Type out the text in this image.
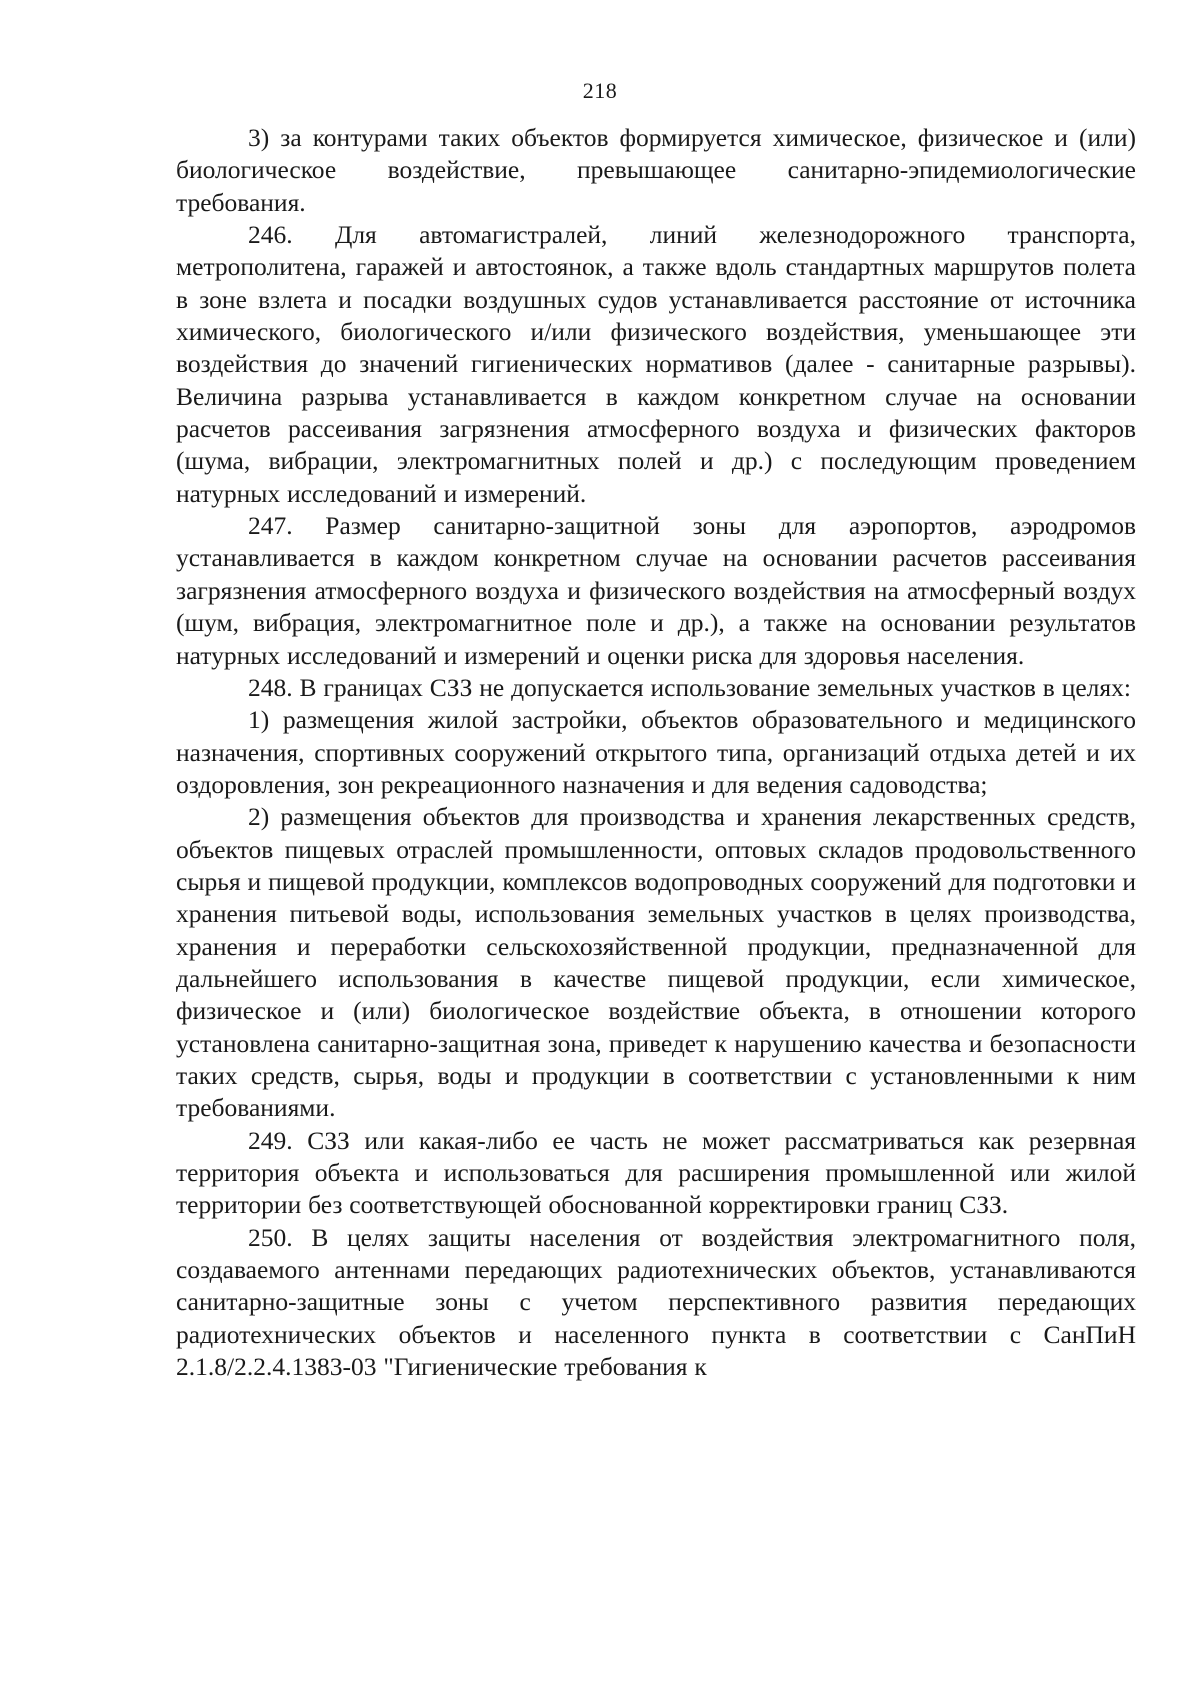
218

3) за контурами таких объектов формируется химическое, физическое и (или) биологическое воздействие, превышающее санитарно-эпидемиологические требования.

246. Для автомагистралей, линий железнодорожного транспорта, метрополитена, гаражей и автостоянок, а также вдоль стандартных маршрутов полета в зоне взлета и посадки воздушных судов устанавливается расстояние от источника химического, биологического и/или физического воздействия, уменьшающее эти воздействия до значений гигиенических нормативов (далее - санитарные разрывы). Величина разрыва устанавливается в каждом конкретном случае на основании расчетов рассеивания загрязнения атмосферного воздуха и физических факторов (шума, вибрации, электромагнитных полей и др.) с последующим проведением натурных исследований и измерений.

247. Размер санитарно-защитной зоны для аэропортов, аэродромов устанавливается в каждом конкретном случае на основании расчетов рассеивания загрязнения атмосферного воздуха и физического воздействия на атмосферный воздух (шум, вибрация, электромагнитное поле и др.), а также на основании результатов натурных исследований и измерений и оценки риска для здоровья населения.

248. В границах СЗЗ не допускается использование земельных участков в целях:

1) размещения жилой застройки, объектов образовательного и медицинского назначения, спортивных сооружений открытого типа, организаций отдыха детей и их оздоровления, зон рекреационного назначения и для ведения садоводства;

2) размещения объектов для производства и хранения лекарственных средств, объектов пищевых отраслей промышленности, оптовых складов продовольственного сырья и пищевой продукции, комплексов водопроводных сооружений для подготовки и хранения питьевой воды, использования земельных участков в целях производства, хранения и переработки сельскохозяйственной продукции, предназначенной для дальнейшего использования в качестве пищевой продукции, если химическое, физическое и (или) биологическое воздействие объекта, в отношении которого установлена санитарно-защитная зона, приведет к нарушению качества и безопасности таких средств, сырья, воды и продукции в соответствии с установленными к ним требованиями.

249. СЗЗ или какая-либо ее часть не может рассматриваться как резервная территория объекта и использоваться для расширения промышленной или жилой территории без соответствующей обоснованной корректировки границ СЗЗ.

250. В целях защиты населения от воздействия электромагнитного поля, создаваемого антеннами передающих радиотехнических объектов, устанавливаются санитарно-защитные зоны с учетом перспективного развития передающих радиотехнических объектов и населенного пункта в соответствии с СанПиН 2.1.8/2.2.4.1383-03 "Гигиенические требования к
